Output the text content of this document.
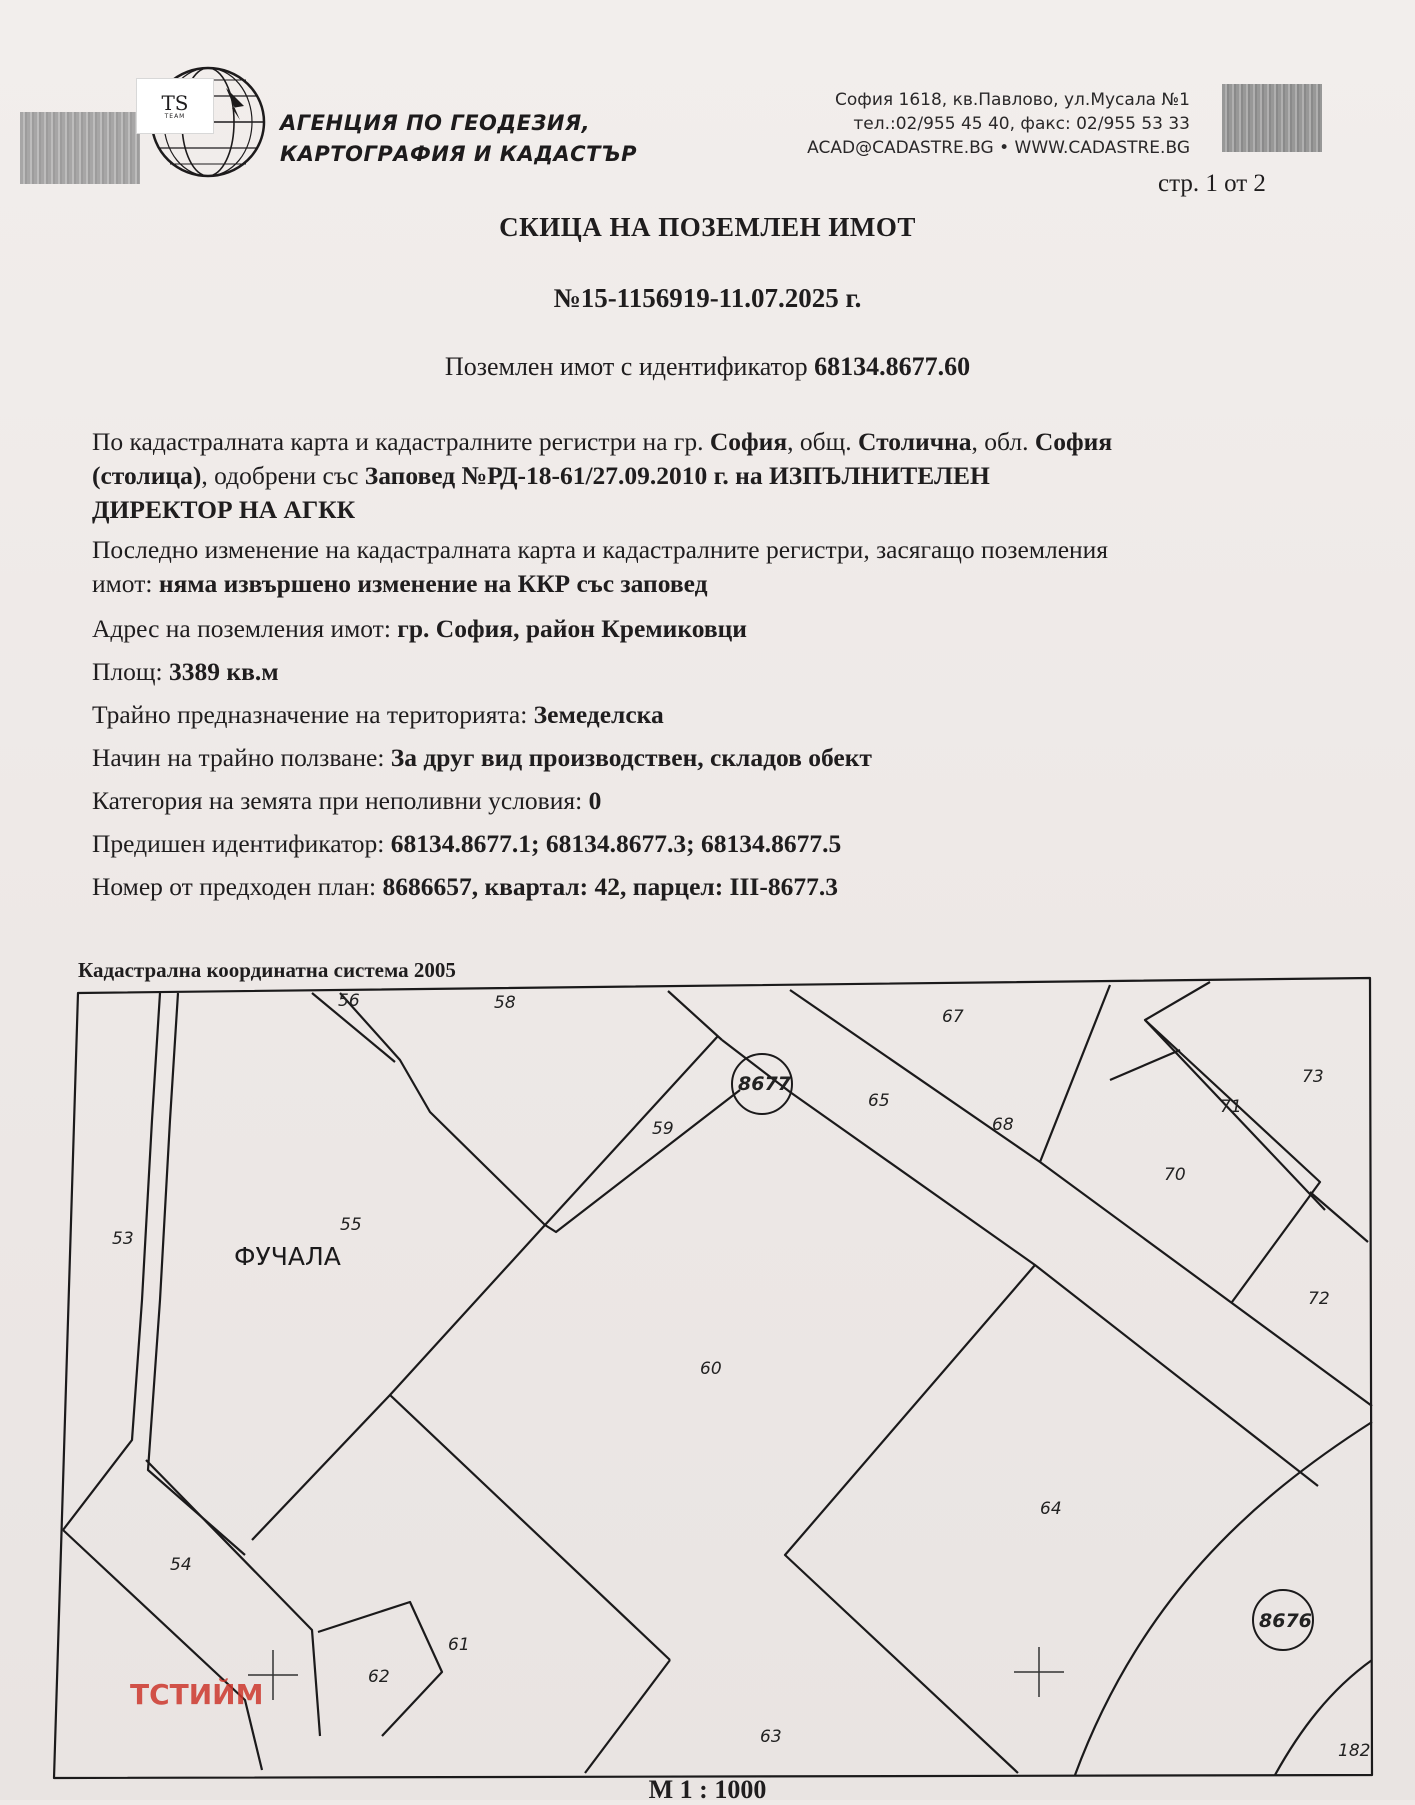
TS
TEAM	АГЕНЦИЯ ПО ГЕОДЕЗИЯ,
КАРТОГРАФИЯ И КАДАСТЪР
София 1618, кв.Павлово, ул.Мусала №1
тел.:02/955 45 40, факс: 02/955 53 33
ACAD@CADASTRE.BG • WWW.CADASTRE.BG
стр. 1 от 2
СКИЦА НА ПОЗЕМЛЕН ИМОТ
№15-1156919-11.07.2025 г.
Поземлен имот с идентификатор 68134.8677.60

По кадастралната карта и кадастралните регистри на гр. София, общ. Столична, обл. София
(столица), одобрени със Заповед №РД-18-61/27.09.2010 г. на ИЗПЪЛНИТЕЛЕН
ДИРЕКТОР НА АГКК

Последно изменение на кадастралната карта и кадастралните регистри, засягащо поземления
имот: няма извършено изменение на ККР със заповед

Адрес на поземления имот: гр. София, район Кремиковци
Площ: 3389 кв.м
Трайно предназначение на територията: Земеделска
Начин на трайно ползване: За друг вид производствен, складов обект
Категория на земята при неполивни условия: 0
Предишен идентификатор: 68134.8677.1; 68134.8677.3; 68134.8677.5
Номер от предходен план: 8686657, квартал: 42, парцел: III-8677.3
Кадастрална координатна система 2005
53
54
55
56	58
59
60
61
62
63
64
65
67
68
70
71
72
73
182
8677
8676
ФУЧАЛА
ТСТИЙМ
М 1 : 1000
